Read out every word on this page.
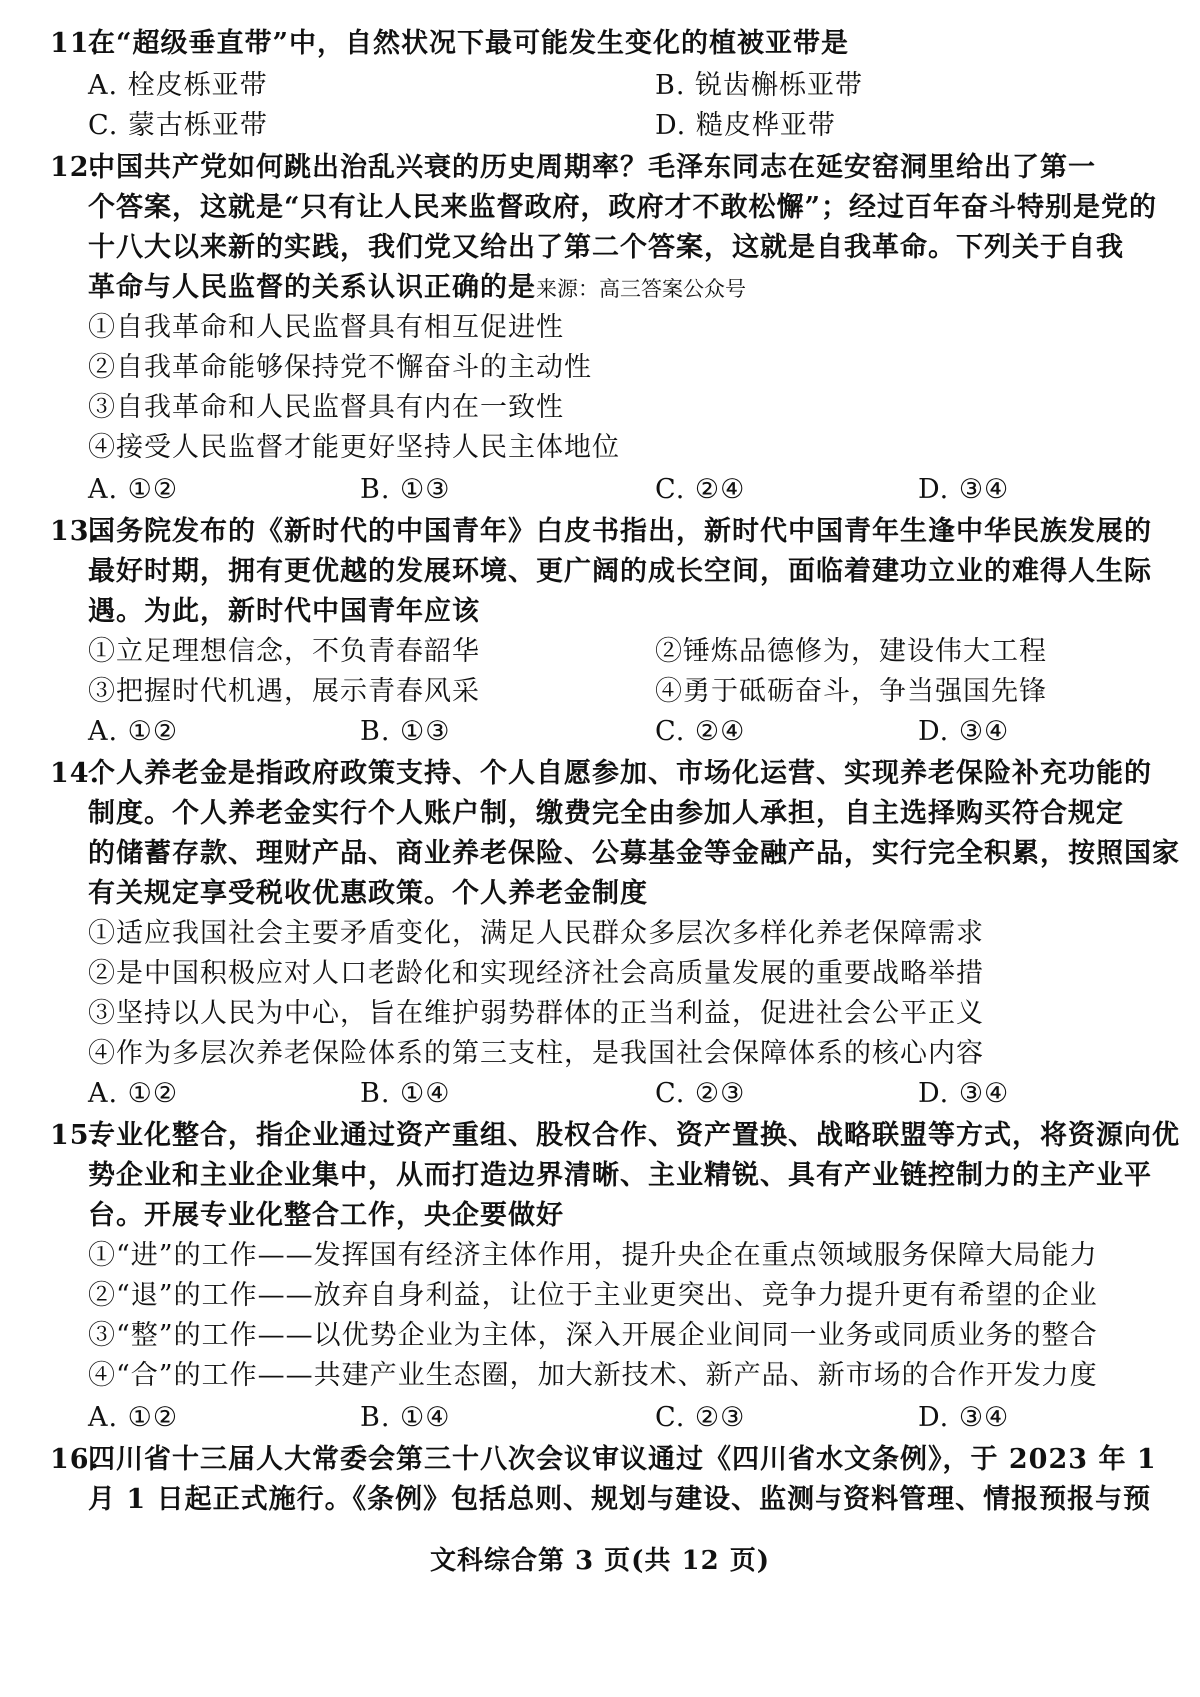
11.在“超级垂直带”中，自然状况下最可能发生变化的植被亚带是
A. 栓皮栎亚带	B. 锐齿槲栎亚带
C. 蒙古栎亚带	D. 糙皮桦亚带
12.中国共产党如何跳出治乱兴衰的历史周期率？毛泽东同志在延安窑洞里给出了第一
个答案，这就是“只有让人民来监督政府，政府才不敢松懈”；经过百年奋斗特别是党的
十八大以来新的实践，我们党又给出了第二个答案，这就是自我革命。下列关于自我
革命与人民监督的关系认识正确的是来源：高三答案公众号
①自我革命和人民监督具有相互促进性
②自我革命能够保持党不懈奋斗的主动性
③自我革命和人民监督具有内在一致性
④接受人民监督才能更好坚持人民主体地位
A. ①②	B. ①③	C. ②④	D. ③④
13.国务院发布的《新时代的中国青年》白皮书指出，新时代中国青年生逢中华民族发展的
最好时期，拥有更优越的发展环境、更广阔的成长空间，面临着建功立业的难得人生际
遇。为此，新时代中国青年应该
①立足理想信念，不负青春韶华	②锤炼品德修为，建设伟大工程
③把握时代机遇，展示青春风采	④勇于砥砺奋斗，争当强国先锋
A. ①②	B. ①③	C. ②④	D. ③④
14.个人养老金是指政府政策支持、个人自愿参加、市场化运营、实现养老保险补充功能的
制度。个人养老金实行个人账户制，缴费完全由参加人承担，自主选择购买符合规定
的储蓄存款、理财产品、商业养老保险、公募基金等金融产品，实行完全积累，按照国家
有关规定享受税收优惠政策。个人养老金制度
①适应我国社会主要矛盾变化，满足人民群众多层次多样化养老保障需求
②是中国积极应对人口老龄化和实现经济社会高质量发展的重要战略举措
③坚持以人民为中心，旨在维护弱势群体的正当利益，促进社会公平正义
④作为多层次养老保险体系的第三支柱，是我国社会保障体系的核心内容
A. ①②	B. ①④	C. ②③	D. ③④
15.专业化整合，指企业通过资产重组、股权合作、资产置换、战略联盟等方式，将资源向优
势企业和主业企业集中，从而打造边界清晰、主业精锐、具有产业链控制力的主产业平
台。开展专业化整合工作，央企要做好
①“进”的工作——发挥国有经济主体作用，提升央企在重点领域服务保障大局能力
②“退”的工作——放弃自身利益，让位于主业更突出、竞争力提升更有希望的企业
③“整”的工作——以优势企业为主体，深入开展企业间同一业务或同质业务的整合
④“合”的工作——共建产业生态圈，加大新技术、新产品、新市场的合作开发力度
A. ①②	B. ①④	C. ②③	D. ③④
16.四川省十三届人大常委会第三十八次会议审议通过《四川省水文条例》，于 2023 年 1
月 1 日起正式施行。《条例》包括总则、规划与建设、监测与资料管理、情报预报与预
文科综合第 3 页(共 12 页)
